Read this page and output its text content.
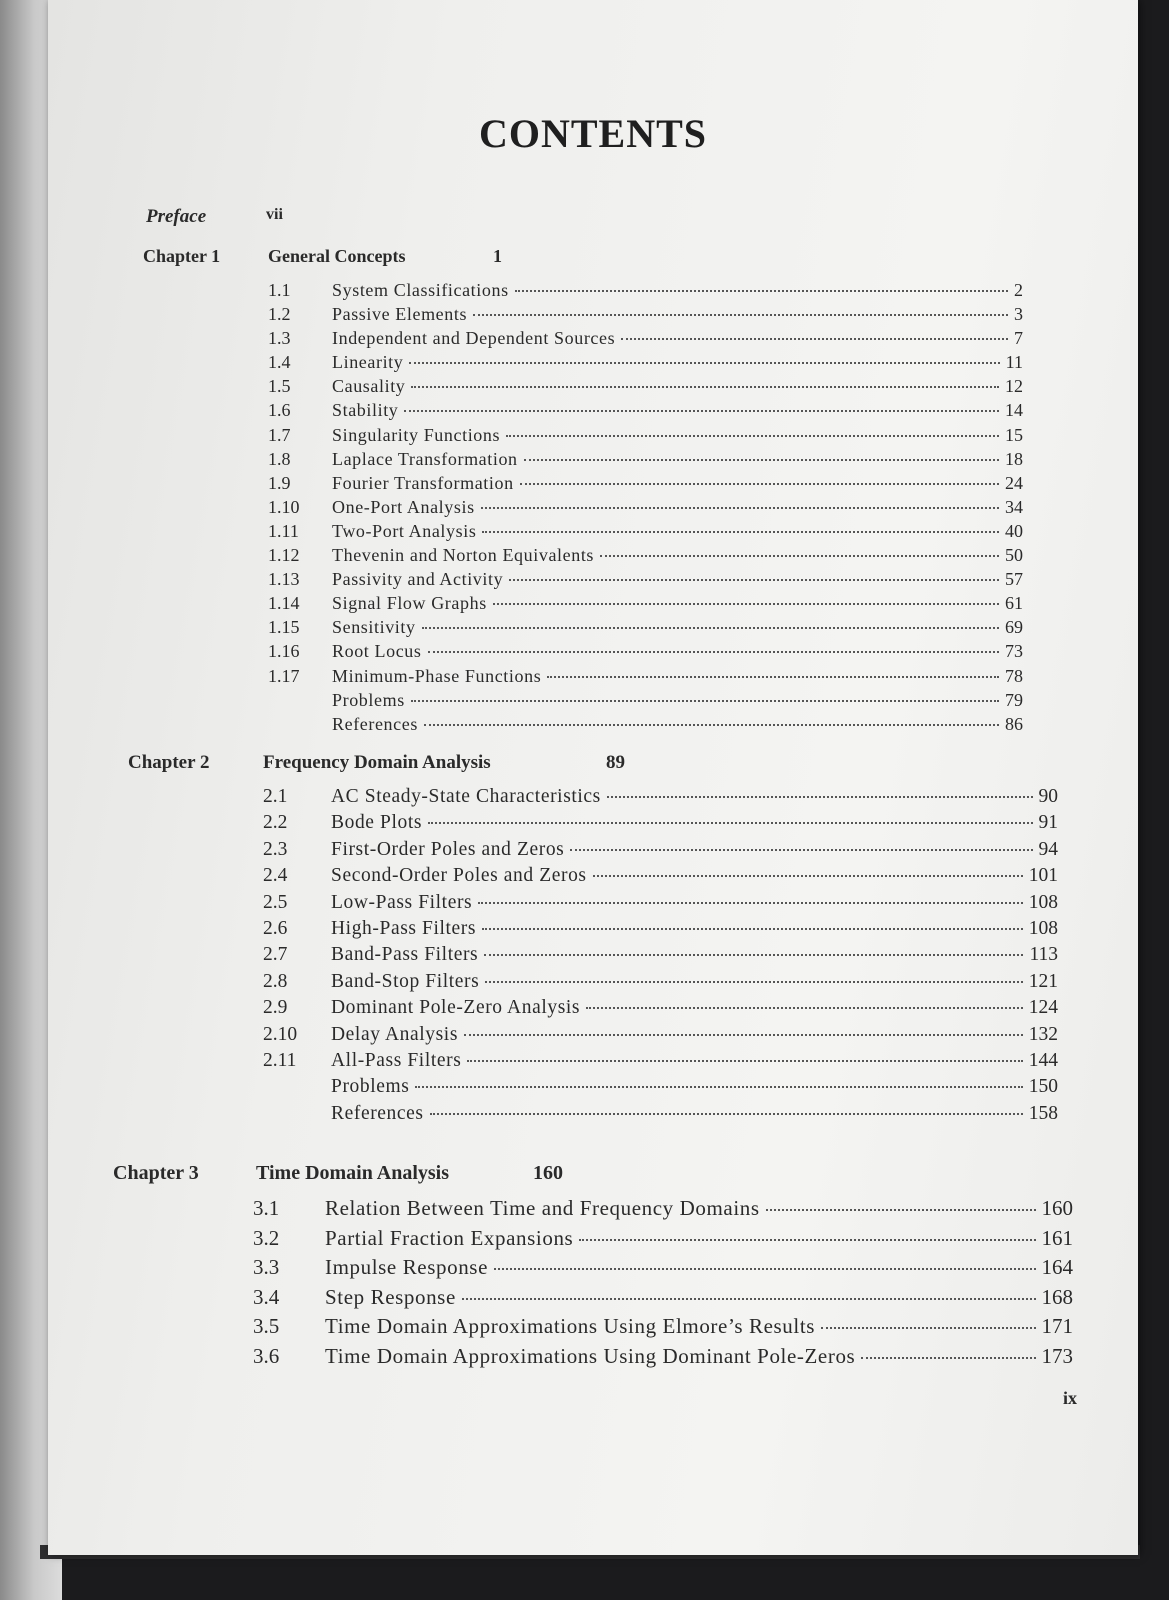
CONTENTS
Preface	vii
Chapter 1	General Concepts	1
1.1	System Classifications	2
1.2	Passive Elements	3
1.3	Independent and Dependent Sources	7
1.4	Linearity	11
1.5	Causality	12
1.6	Stability	14
1.7	Singularity Functions	15
1.8	Laplace Transformation	18
1.9	Fourier Transformation	24
1.10	One-Port Analysis	34
1.11	Two-Port Analysis	40
1.12	Thevenin and Norton Equivalents	50
1.13	Passivity and Activity	57
1.14	Signal Flow Graphs	61
1.15	Sensitivity	69
1.16	Root Locus	73
1.17	Minimum-Phase Functions	78
Problems	79
References	86
Chapter 2	Frequency Domain Analysis	89
2.1	AC Steady-State Characteristics	90
2.2	Bode Plots	91
2.3	First-Order Poles and Zeros	94
2.4	Second-Order Poles and Zeros	101
2.5	Low-Pass Filters	108
2.6	High-Pass Filters	108
2.7	Band-Pass Filters	113
2.8	Band-Stop Filters	121
2.9	Dominant Pole-Zero Analysis	124
2.10	Delay Analysis	132
2.11	All-Pass Filters	144
Problems	150
References	158
Chapter 3	Time Domain Analysis	160
3.1	Relation Between Time and Frequency Domains	160
3.2	Partial Fraction Expansions	161
3.3	Impulse Response	164
3.4	Step Response	168
3.5	Time Domain Approximations Using Elmore’s Results	171
3.6	Time Domain Approximations Using Dominant Pole-Zeros	173
ix
